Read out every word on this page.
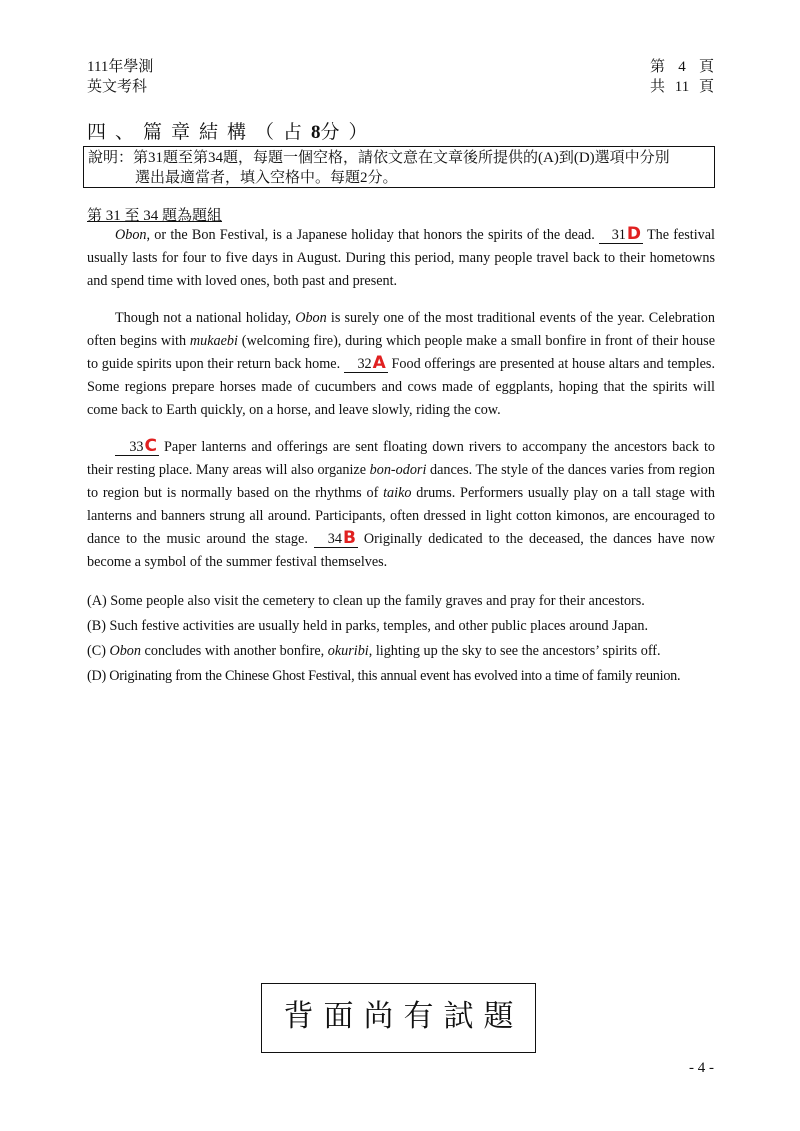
111年學測
英文考科
第 4 頁
共 11 頁
四、篇章結構（占8分）
說明：第31題至第34題，每題一個空格，請依文意在文章後所提供的(A)到(D)選項中分別
選出最適當者，填入空格中。每題2分。
第 31 至 34 題為題組

Obon, or the Bon Festival, is a Japanese holiday that honors the spirits of the dead. 31D The festival usually lasts for four to five days in August. During this period, many people travel back to their hometowns and spend time with loved ones, both past and present.

Though not a national holiday, Obon is surely one of the most traditional events of the year. Celebration often begins with mukaebi (welcoming fire), during which people make a small bonfire in front of their house to guide spirits upon their return back home. 32A Food offerings are presented at house altars and temples. Some regions prepare horses made of cucumbers and cows made of eggplants, hoping that the spirits will come back to Earth quickly, on a horse, and leave slowly, riding the cow.

33C Paper lanterns and offerings are sent floating down rivers to accompany the ancestors back to their resting place. Many areas will also organize bon-odori dances. The style of the dances varies from region to region but is normally based on the rhythms of taiko drums. Performers usually play on a tall stage with lanterns and banners strung all around. Participants, often dressed in light cotton kimonos, are encouraged to dance to the music around the stage. 34B Originally dedicated to the deceased, the dances have now become a symbol of the summer festival themselves.

(A) Some people also visit the cemetery to clean up the family graves and pray for their ancestors.
(B) Such festive activities are usually held in parks, temples, and other public places around Japan.
(C) Obon concludes with another bonfire, okuribi, lighting up the sky to see the ancestors’ spirits off.
(D) Originating from the Chinese Ghost Festival, this annual event has evolved into a time of family reunion.
背面尚有試題
- 4 -
